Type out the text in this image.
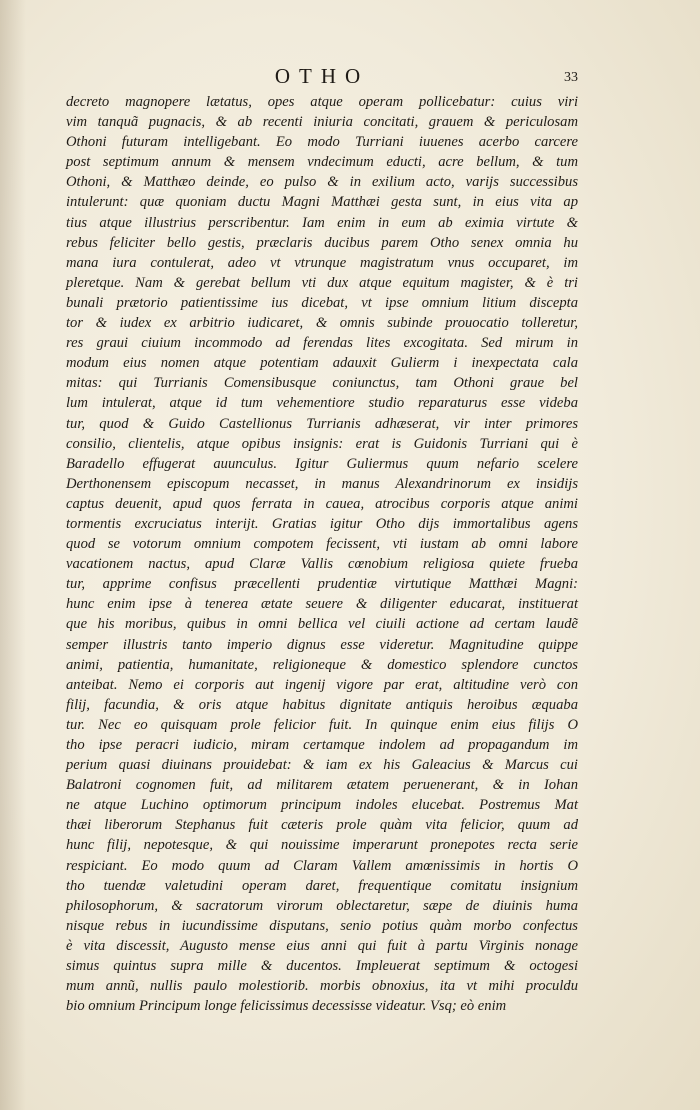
OTHO	33
decreto magnopere lætatus, opes atque operam pollicebatur: cuius viri
vim tanquã pugnacis, & ab recenti iniuria concitati, grauem & periculosam
Othoni futuram intelligebant. Eo modo Turriani iuuenes acerbo carcere
post septimum annum & mensem vndecimum educti, acre bellum, & tum
Othoni, & Matthæo deinde, eo pulso & in exilium acto, varijs successibus
intulerunt: quæ quoniam ductu Magni Matthæi gesta sunt, in eius vita ap
tius atque illustrius perscribentur. Iam enim in eum ab eximia virtute &
rebus feliciter bello gestis, præclaris ducibus parem Otho senex omnia hu
mana iura contulerat, adeo vt vtrunque magistratum vnus occuparet, im
pleretque. Nam & gerebat bellum vti dux atque equitum magister, & è tri
bunali prætorio patientissime ius dicebat, vt ipse omnium litium disceptа
tor & iudex ex arbitrio iudicaret, & omnis subinde prouocatio tolleretur,
res graui ciuium incommodo ad ferendas lites excogitata. Sed mirum in
modum eius nomen atque potentiam adauxit Gulierm i inexpectata cala
mitas: qui Turrianis Comensibusque coniunctus, tam Othoni graue bel
lum intulerat, atque id tum vehementiore studio reparaturus esse videba
tur, quod & Guido Castellionus Turrianis adhæserat, vir inter primores
consilio, clientelis, atque opibus insignis: erat is Guidonis Turriani qui è
Baradello effugerat auunculus. Igitur Guliermus quum nefario scelere
Derthonensem episcopum necasset, in manus Alexandrinorum ex insidijs
captus deuenit, apud quos ferrata in cauea, atrocibus corporis atque animi
tormentis excruciatus interijt. Gratias igitur Otho dijs immortalibus agens
quod se votorum omnium compotem fecissent, vti iustam ab omni labore
vacationem nactus, apud Claræ Vallis cœnobium religiosa quiete frueba
tur, apprime confisus præcellenti prudentiæ virtutique Matthæi Magni:
hunc enim ipse à tenerea ætate seuere & diligenter educarat, instituerat
que his moribus, quibus in omni bellica vel ciuili actione ad certam laudẽ
semper illustris tanto imperio dignus esse videretur. Magnitudine quippe
animi, patientia, humanitate, religioneque & domestico splendore cunctos
anteibat. Nemo ei corporis aut ingenij vigore par erat, altitudine verò con
filij, facundia, & oris atque habitus dignitate antiquis heroibus æquaba
tur. Nec eo quisquam prole felicior fuit. In quinque enim eius filijs O
tho ipse peracri iudicio, miram certamque indolem ad propagandum im
perium quasi diuinans prouidebat: & iam ex his Galeacius & Marcus cui
Balatroni cognomen fuit, ad militarem ætatem peruenerant, & in Iohan
ne atque Luchino optimorum principum indoles elucebat. Postremus Mat
thæi liberorum Stephanus fuit cæteris prole quàm vita felicior, quum ad
hunc filij, nepotesque, & qui nouissime imperarunt pronepotes recta serie
respiciant. Eo modo quum ad Claram Vallem amœnissimis in hortis O
tho tuendæ valetudini operam daret, frequentique comitatu insignium
philosophorum, & sacratorum virorum oblectaretur, sæpe de diuinis huma
nisque rebus in iucundissime disputans, senio potius quàm morbo confectus
è vita discessit, Augusto mense eius anni qui fuit à partu Virginis nonage
simus quintus supra mille & ducentos. Impleuerat septimum & octogesi
mum annũ, nullis paulo molestiorib. morbis obnoxius, ita vt mihi proculdu
bio omnium Principum longe felicissimus decessisse videatur. Vsq; eò enim
